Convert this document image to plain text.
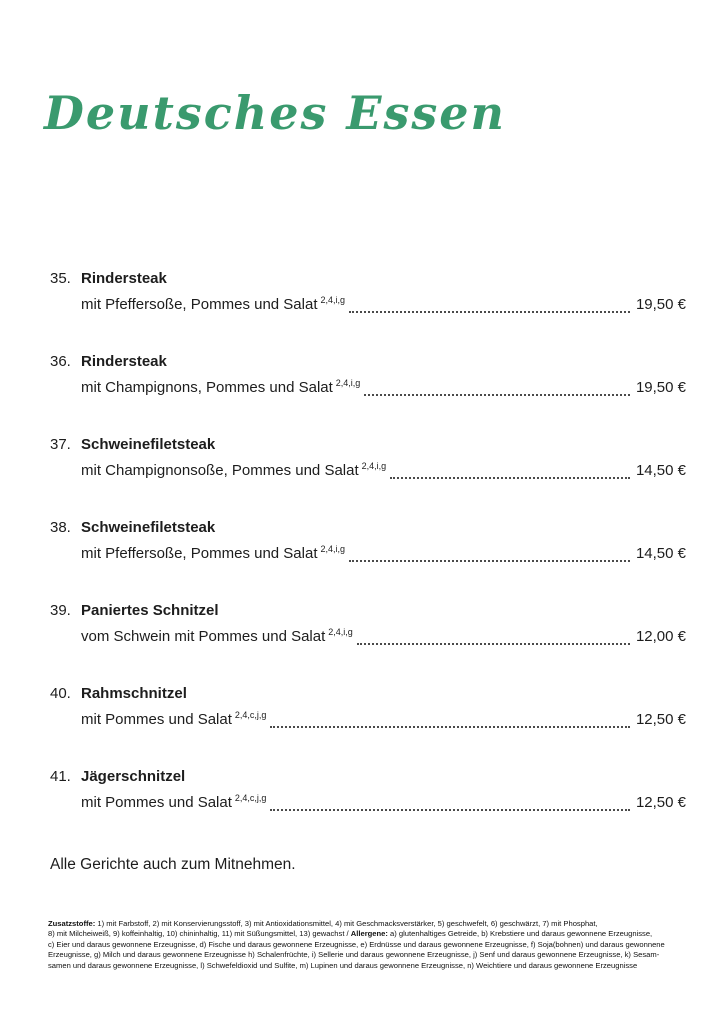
Deutsches Essen
35. Rindersteak
mit Pfeffersoße, Pommes und Salat $^{2,4,i,g}$	19,50 €
36. Rindersteak
mit Champignons, Pommes und Salat $^{2,4,i,g}$	19,50 €
37. Schweinefiletsteak
mit Champignonsoße, Pommes und Salat $^{2,4,i,g}$	14,50 €
38. Schweinefiletsteak
mit Pfeffersoße, Pommes und Salat $^{2,4,i,g}$	14,50 €
39. Paniertes Schnitzel
vom Schwein mit Pommes und Salat $^{2,4,i,g}$	12,00 €
40. Rahmschnitzel
mit Pommes und Salat $^{2,4,c,j,g}$	12,50 €
41. Jägerschnitzel
mit Pommes und Salat $^{2,4,c,j,g}$	12,50 €
Alle Gerichte auch zum Mitnehmen.
Zusatzstoffe: 1) mit Farbstoff, 2) mit Konservierungsstoff, 3) mit Antioxidationsmittel, 4) mit Geschmacksverstärker, 5) geschwefelt, 6) geschwärzt, 7) mit Phosphat,
8) mit Milcheiweiß, 9) koffeinhaltig, 10) chininhaltig, 11) mit Süßungsmittel, 13) gewachst / Allergene: a) glutenhaltiges Getreide, b) Krebstiere und daraus gewonnene Erzeugnisse,
c) Eier und daraus gewonnene Erzeugnisse, d) Fische und daraus gewonnene Erzeugnisse, e) Erdnüsse und daraus gewonnene Erzeugnisse, f) Soja(bohnen) und daraus gewonnene
Erzeugnisse, g) Milch und daraus gewonnene Erzeugnisse h) Schalenfrüchte, i) Sellerie und daraus gewonnene Erzeugnisse, j) Senf und daraus gewonnene Erzeugnisse, k) Sesam-
samen und daraus gewonnene Erzeugnisse, l) Schwefeldioxid und Sulfite, m) Lupinen und daraus gewonnene Erzeugnisse, n) Weichtiere und daraus gewonnene Erzeugnisse
